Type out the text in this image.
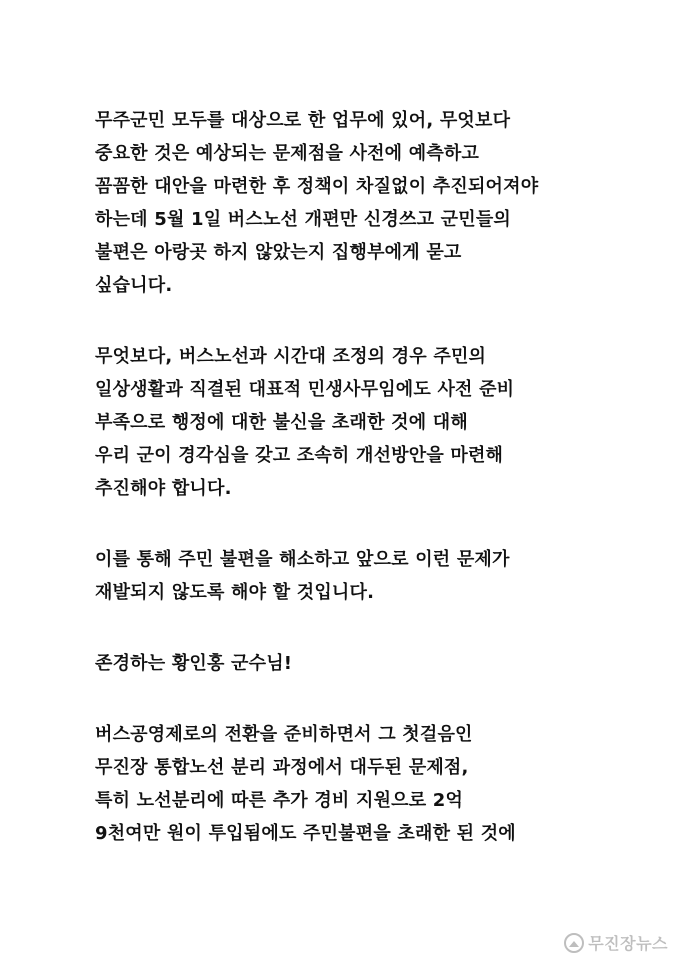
무주군민 모두를 대상으로 한 업무에 있어, 무엇보다
중요한 것은 예상되는 문제점을 사전에 예측하고
꼼꼼한 대안을 마련한 후 정책이 차질없이 추진되어져야
하는데 5월 1일 버스노선 개편만 신경쓰고 군민들의
불편은 아랑곳 하지 않았는지 집행부에게 묻고
싶습니다.
무엇보다, 버스노선과 시간대 조정의 경우 주민의
일상생활과 직결된 대표적 민생사무임에도 사전 준비
부족으로 행정에 대한 불신을 초래한 것에 대해
우리 군이 경각심을 갖고 조속히 개선방안을 마련해
추진해야 합니다.
이를 통해 주민 불편을 해소하고 앞으로 이런 문제가
재발되지 않도록 해야 할 것입니다.
존경하는 황인홍 군수님!
버스공영제로의 전환을 준비하면서 그 첫걸음인
무진장 통합노선 분리 과정에서 대두된 문제점,
특히 노선분리에 따른 추가 경비 지원으로 2억
9천여만 원이 투입됨에도 주민불편을 초래한 된 것에
무진장뉴스
